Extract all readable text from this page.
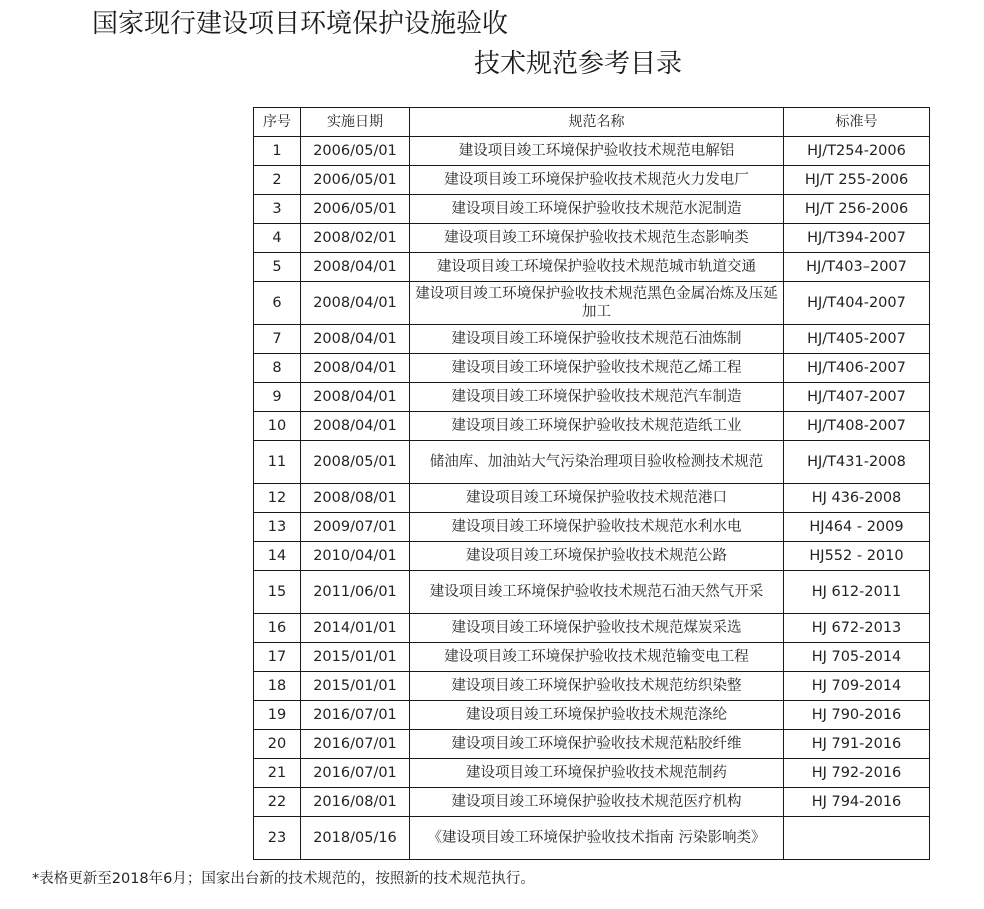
国家现行建设项目环境保护设施验收
技术规范参考目录
序号	实施日期	规范名称	标准号
1	2006/05/01	建设项目竣工环境保护验收技术规范电解铝	HJ/T254-2006
2	2006/05/01	建设项目竣工环境保护验收技术规范火力发电厂	HJ/T 255-2006
3	2006/05/01	建设项目竣工环境保护验收技术规范水泥制造	HJ/T 256-2006
4	2008/02/01	建设项目竣工环境保护验收技术规范生态影响类	HJ/T394-2007
5	2008/04/01	建设项目竣工环境保护验收技术规范城市轨道交通	HJ/T403–2007
6	2008/04/01	建设项目竣工环境保护验收技术规范黑色金属冶炼及压延加工	HJ/T404-2007
7	2008/04/01	建设项目竣工环境保护验收技术规范石油炼制	HJ/T405-2007
8	2008/04/01	建设项目竣工环境保护验收技术规范乙烯工程	HJ/T406-2007
9	2008/04/01	建设项目竣工环境保护验收技术规范汽车制造	HJ/T407-2007
10	2008/04/01	建设项目竣工环境保护验收技术规范造纸工业	HJ/T408-2007
11	2008/05/01	储油库、加油站大气污染治理项目验收检测技术规范	HJ/T431-2008
12	2008/08/01	建设项目竣工环境保护验收技术规范港口	HJ 436-2008
13	2009/07/01	建设项目竣工环境保护验收技术规范水利水电	HJ464 - 2009
14	2010/04/01	建设项目竣工环境保护验收技术规范公路	HJ552 - 2010
15	2011/06/01	建设项目竣工环境保护验收技术规范石油天然气开采	HJ 612-2011
16	2014/01/01	建设项目竣工环境保护验收技术规范煤炭采选	HJ 672-2013
17	2015/01/01	建设项目竣工环境保护验收技术规范输变电工程	HJ 705-2014
18	2015/01/01	建设项目竣工环境保护验收技术规范纺织染整	HJ 709-2014
19	2016/07/01	建设项目竣工环境保护验收技术规范涤纶	HJ 790-2016
20	2016/07/01	建设项目竣工环境保护验收技术规范粘胶纤维	HJ 791-2016
21	2016/07/01	建设项目竣工环境保护验收技术规范制药	HJ 792-2016
22	2016/08/01	建设项目竣工环境保护验收技术规范医疗机构	HJ 794-2016
23	2018/05/16	《建设项目竣工环境保护验收技术指南 污染影响类》	
*表格更新至2018年6月；国家出台新的技术规范的，按照新的技术规范执行。
